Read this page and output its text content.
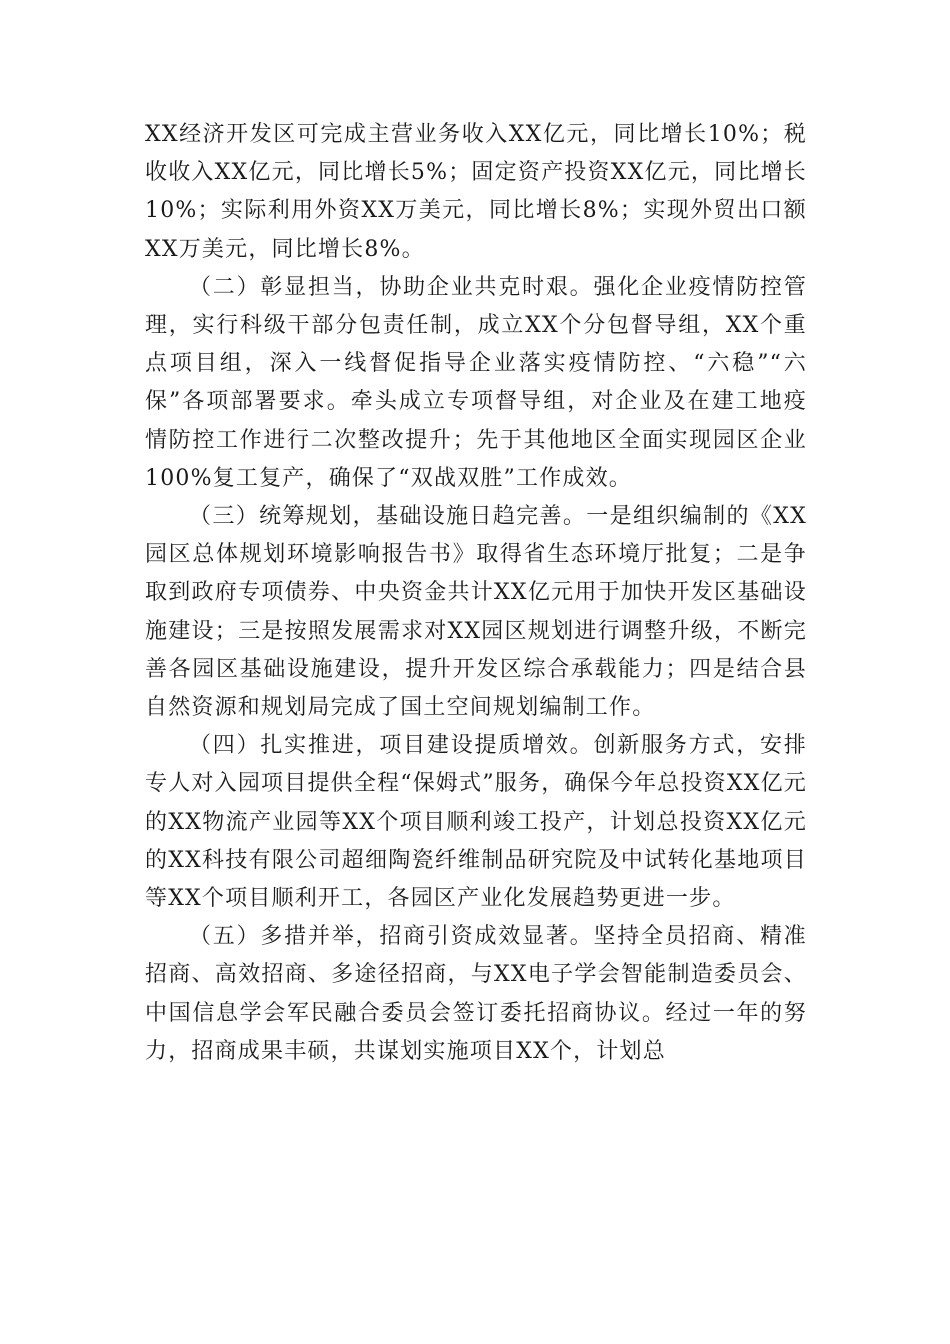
XX经济开发区可完成主营业务收入XX亿元，同比增长10%；税收收入XX亿元，同比增长5%；固定资产投资XX亿元，同比增长10%；实际利用外资XX万美元，同比增长8%；实现外贸出口额XX万美元，同比增长8%。

（二）彰显担当，协助企业共克时艰。强化企业疫情防控管理，实行科级干部分包责任制，成立XX个分包督导组，XX个重点项目组，深入一线督促指导企业落实疫情防控、“六稳”“六保”各项部署要求。牵头成立专项督导组，对企业及在建工地疫情防控工作进行二次整改提升；先于其他地区全面实现园区企业100%复工复产，确保了“双战双胜”工作成效。

（三）统筹规划，基础设施日趋完善。一是组织编制的《XX园区总体规划环境影响报告书》取得省生态环境厅批复；二是争取到政府专项债券、中央资金共计XX亿元用于加快开发区基础设施建设；三是按照发展需求对XX园区规划进行调整升级，不断完善各园区基础设施建设，提升开发区综合承载能力；四是结合县自然资源和规划局完成了国土空间规划编制工作。

（四）扎实推进，项目建设提质增效。创新服务方式，安排专人对入园项目提供全程“保姆式”服务，确保今年总投资XX亿元的XX物流产业园等XX个项目顺利竣工投产，计划总投资XX亿元的XX科技有限公司超细陶瓷纤维制品研究院及中试转化基地项目等XX个项目顺利开工，各园区产业化发展趋势更进一步。

（五）多措并举，招商引资成效显著。坚持全员招商、精准招商、高效招商、多途径招商，与XX电子学会智能制造委员会、中国信息学会军民融合委员会签订委托招商协议。经过一年的努力，招商成果丰硕，共谋划实施项目XX个，计划总
